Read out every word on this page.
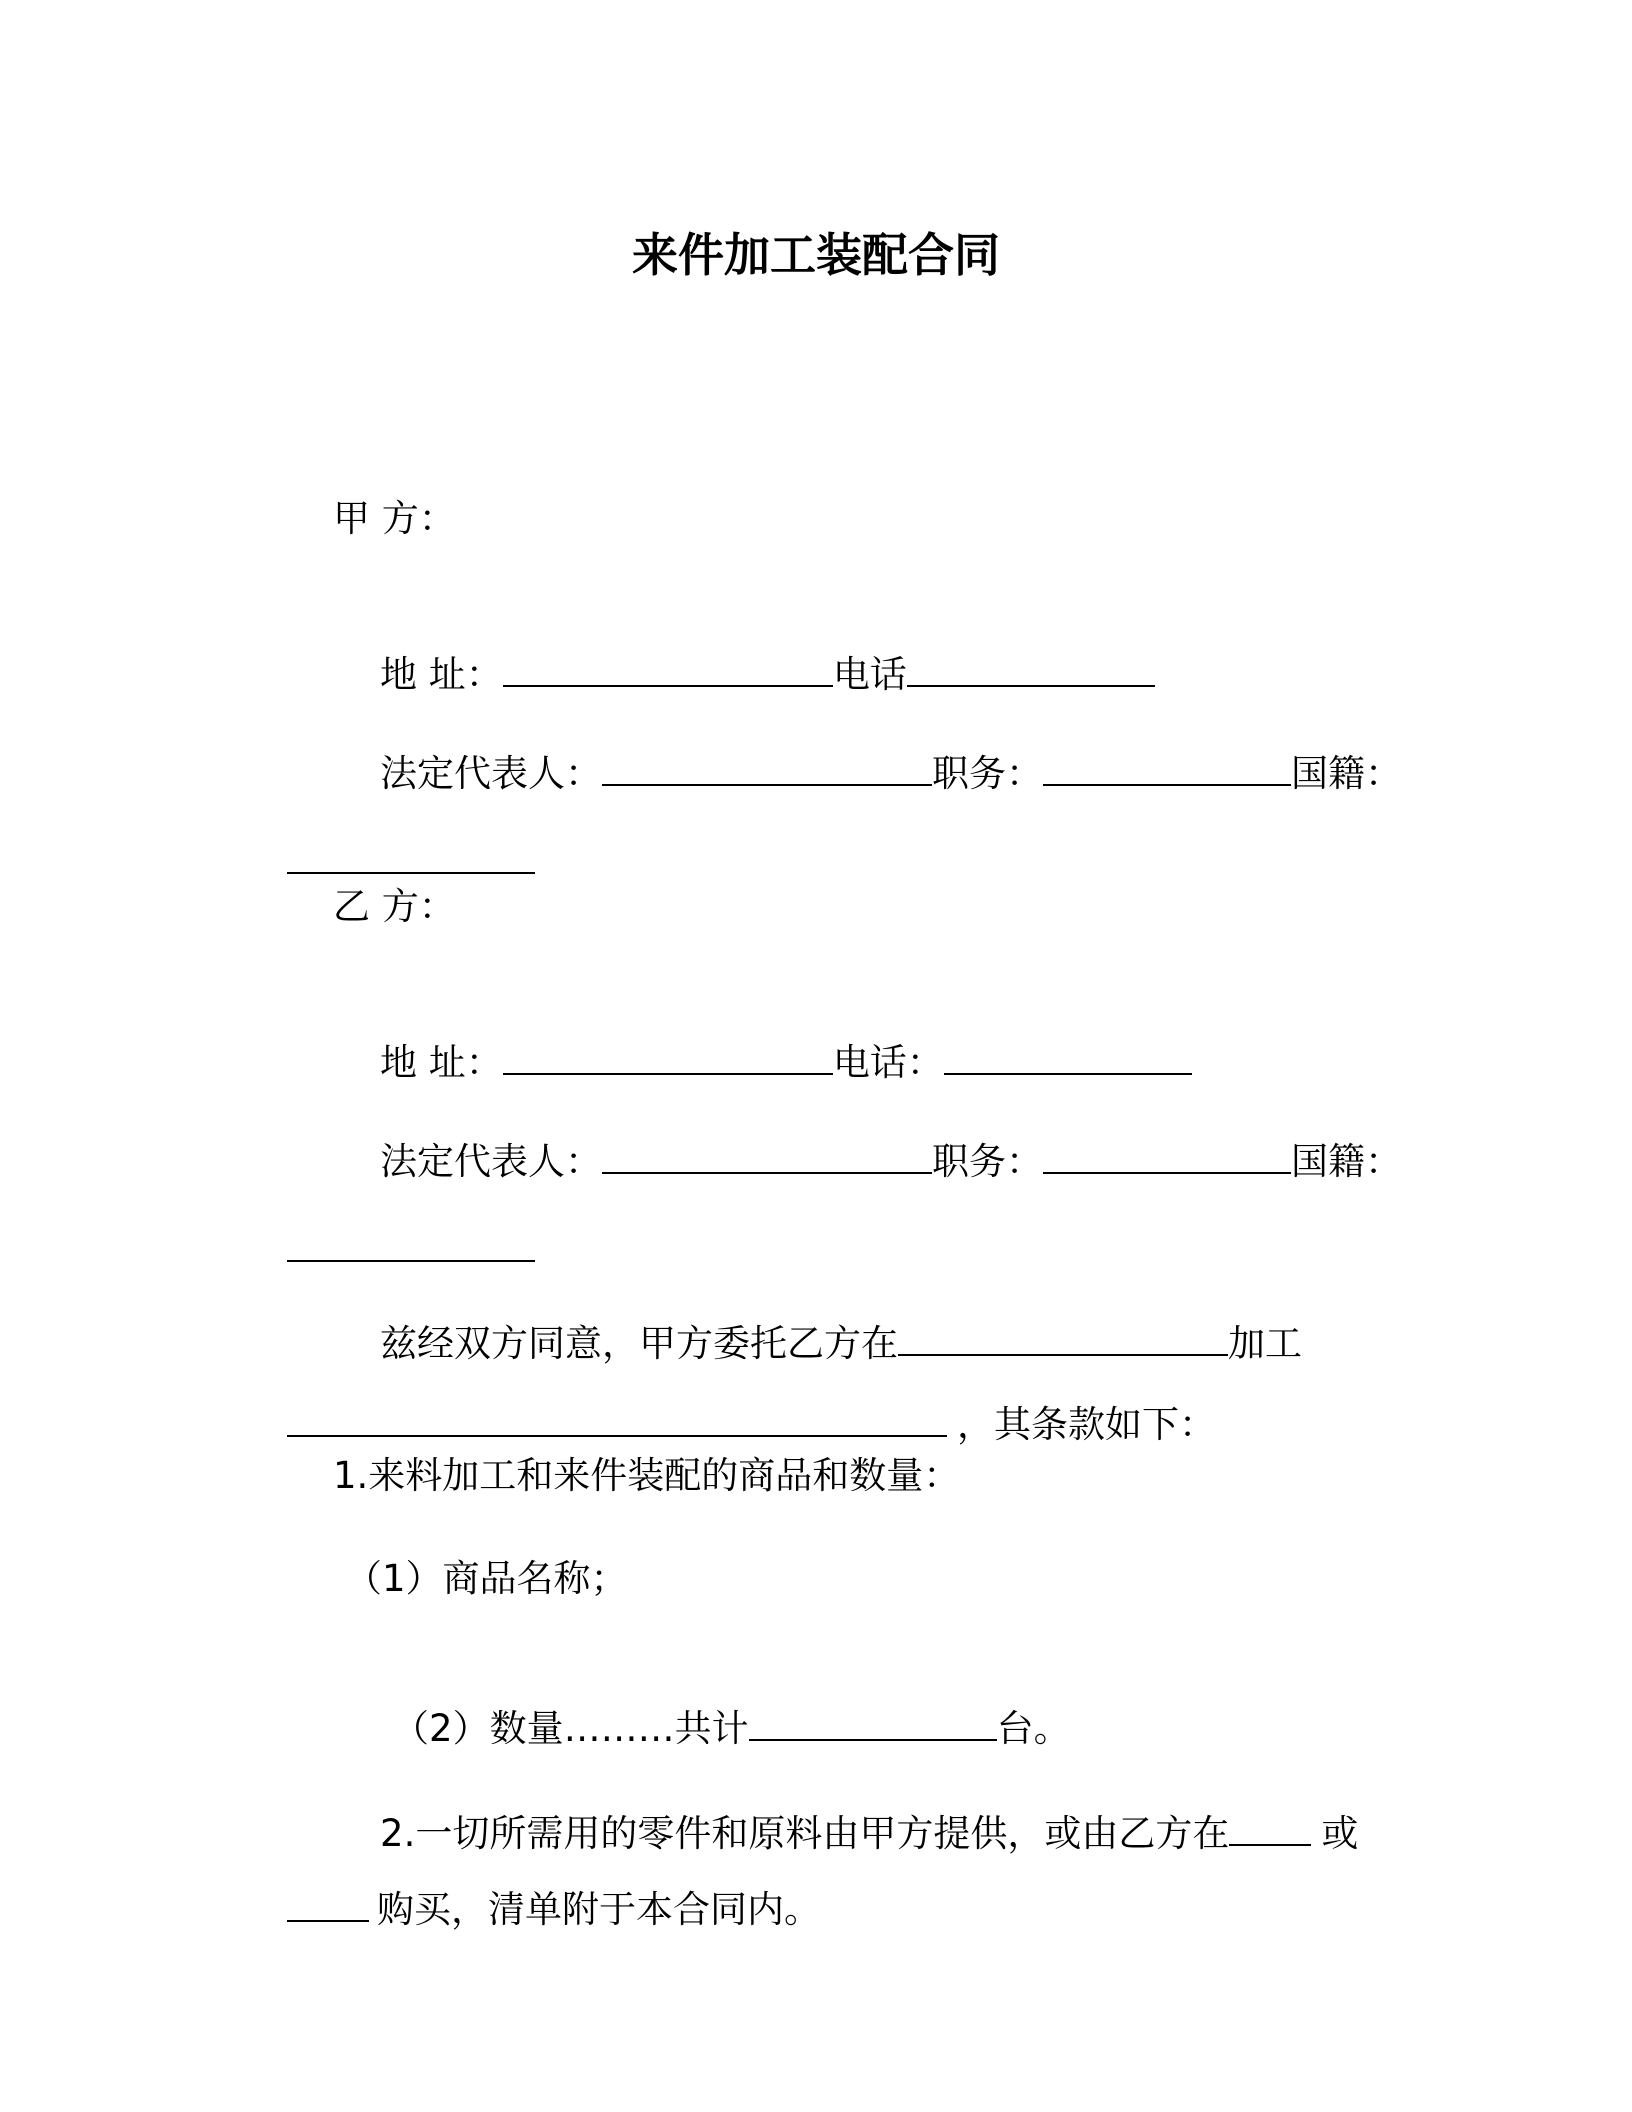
来件加工装配合同
甲 方：

地 址：	电话

法定代表人：	职务：	国籍：

乙 方：

地 址：	电话：

法定代表人：	职务：	国籍：

兹经双方同意，甲方委托乙方在	加工

，其条款如下：

1.来料加工和来件装配的商品和数量：
（1）商品名称；

（2）数量………共计	台。

2.一切所需用的零件和原料由甲方提供，或由乙方在 或

购买，清单附于本合同内。
